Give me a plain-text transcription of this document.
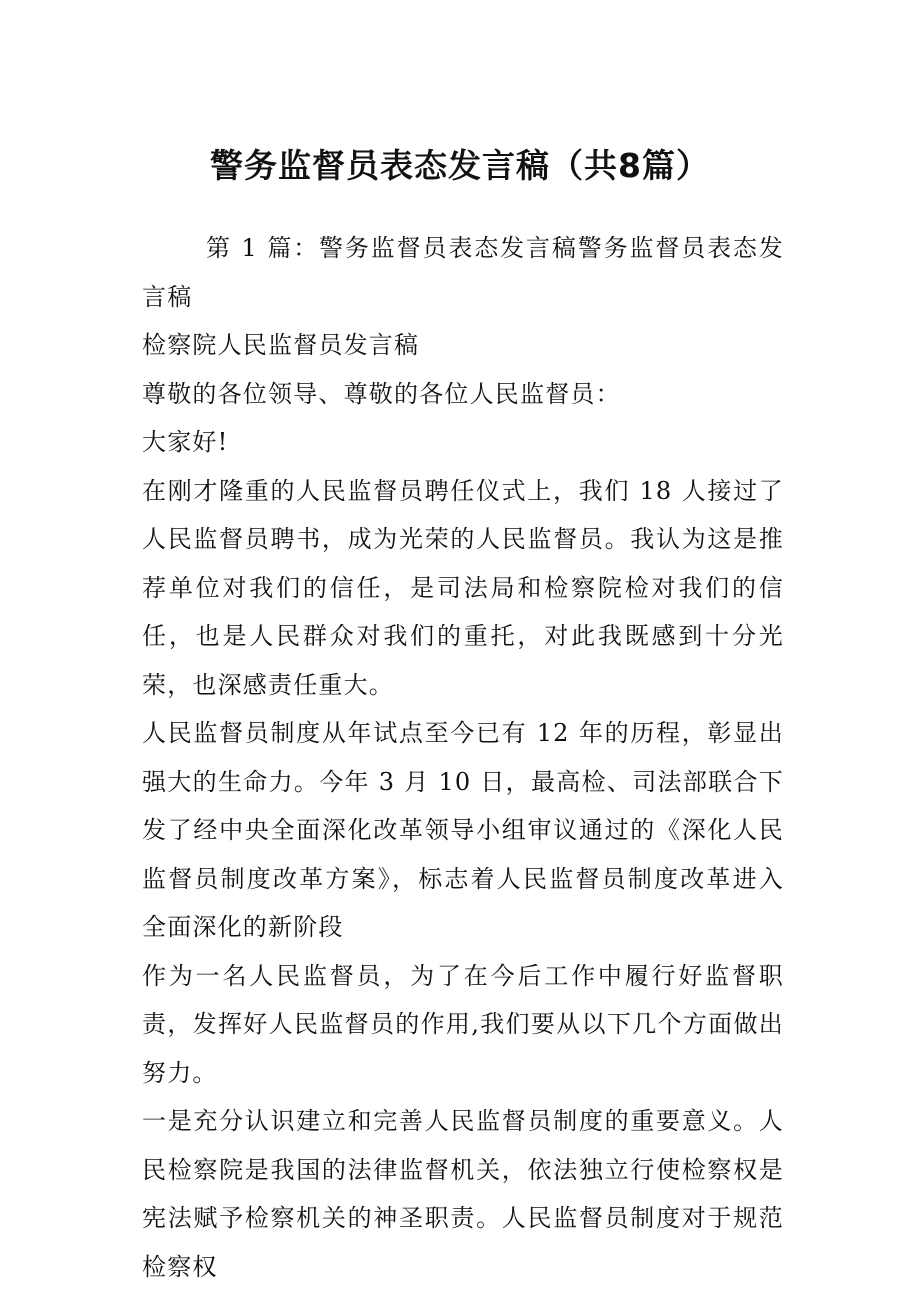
警务监督员表态发言稿（共8篇）

第 1 篇：警务监督员表态发言稿警务监督员表态发言稿

检察院人民监督员发言稿

尊敬的各位领导、尊敬的各位人民监督员：

大家好!

在刚才隆重的人民监督员聘任仪式上，我们 18 人接过了人民监督员聘书，成为光荣的人民监督员。我认为这是推荐单位对我们的信任，是司法局和检察院检对我们的信任，也是人民群众对我们的重托，对此我既感到十分光荣，也深感责任重大。

人民监督员制度从年试点至今已有 12 年的历程，彰显出强大的生命力。今年 3 月 10 日，最高检、司法部联合下发了经中央全面深化改革领导小组审议通过的《深化人民监督员制度改革方案》，标志着人民监督员制度改革进入全面深化的新阶段

作为一名人民监督员，为了在今后工作中履行好监督职责，发挥好人民监督员的作用,我们要从以下几个方面做出努力。

一是充分认识建立和完善人民监督员制度的重要意义。人民检察院是我国的法律监督机关，依法独立行使检察权是宪法赋予检察机关的神圣职责。人民监督员制度对于规范检察权
